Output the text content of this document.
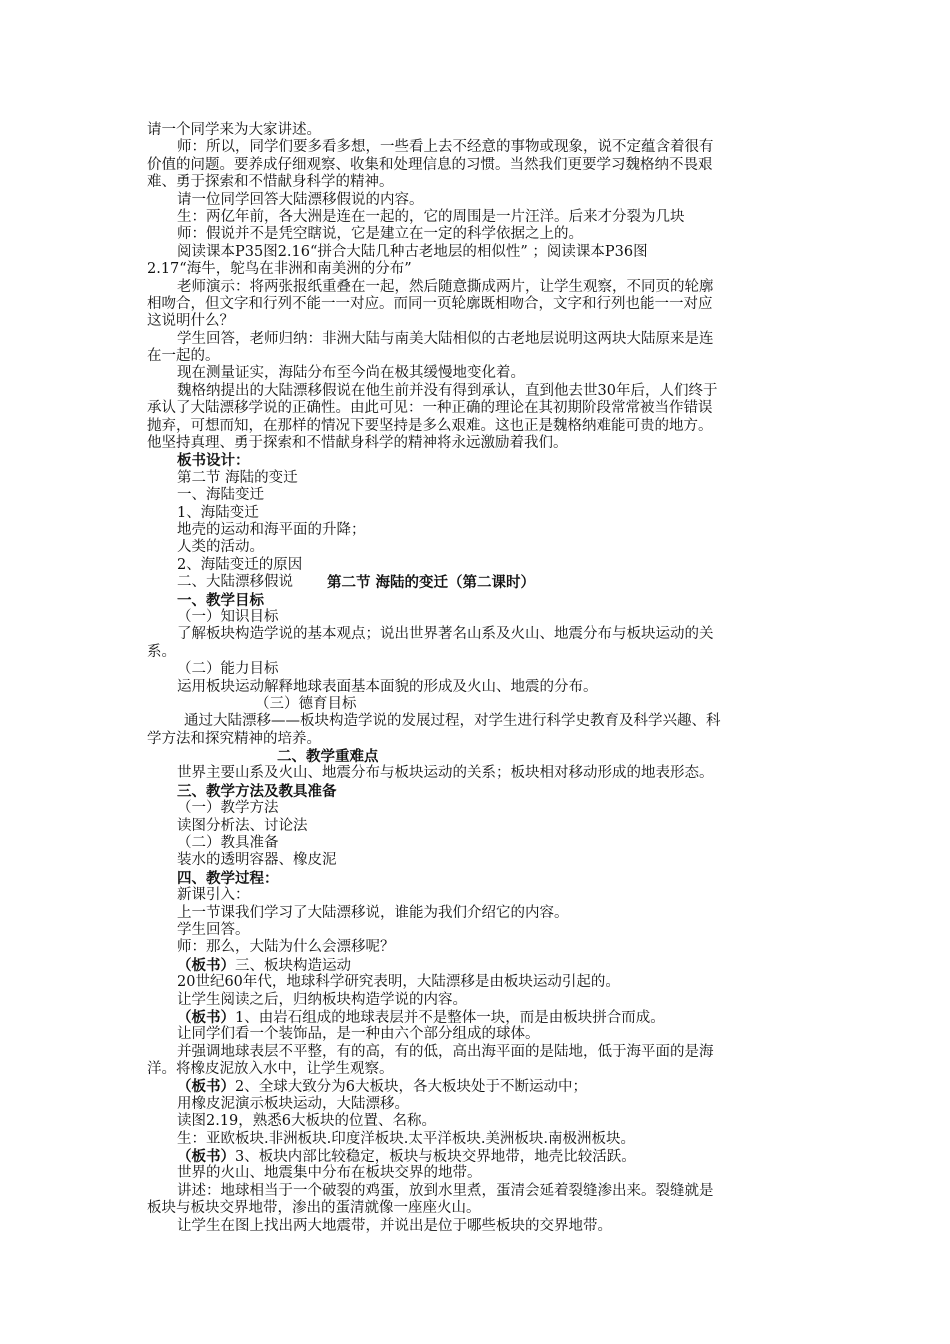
请一个同学来为大家讲述。
师：所以，同学们要多看多想，一些看上去不经意的事物或现象，说不定蕴含着很有
价值的问题。要养成仔细观察、收集和处理信息的习惯。当然我们更要学习魏格纳不畏艰
难、勇于探索和不惜献身科学的精神。
请一位同学回答大陆漂移假说的内容。
生：两亿年前，各大洲是连在一起的，它的周围是一片汪洋。后来才分裂为几块
师：假说并不是凭空瞎说，它是建立在一定的科学依据之上的。
阅读课本P35图2.16“拼合大陆几种古老地层的相似性” ；阅读课本P36图
2.17“海牛，鸵鸟在非洲和南美洲的分布”
老师演示：将两张报纸重叠在一起，然后随意撕成两片，让学生观察，不同页的轮廓
相吻合，但文字和行列不能一一对应。而同一页轮廓既相吻合，文字和行列也能一一对应
这说明什么？
学生回答，老师归纳：非洲大陆与南美大陆相似的古老地层说明这两块大陆原来是连
在一起的。
现在测量证实，海陆分布至今尚在极其缓慢地变化着。
魏格纳提出的大陆漂移假说在他生前并没有得到承认，直到他去世30年后，人们终于
承认了大陆漂移学说的正确性。由此可见：一种正确的理论在其初期阶段常常被当作错误
抛弃，可想而知，在那样的情况下要坚持是多么艰难。这也正是魏格纳难能可贵的地方。
他坚持真理、勇于探索和不惜献身科学的精神将永远激励着我们。
板书设计：
第二节 海陆的变迁
一、海陆变迁
1、海陆变迁
地壳的运动和海平面的升降；
人类的活动。
2、海陆变迁的原因
二、大陆漂移假说 第二节 海陆的变迁（第二课时）
一、教学目标
（一）知识目标
了解板块构造学说的基本观点；说出世界著名山系及火山、地震分布与板块运动的关
系。
（二）能力目标
运用板块运动解释地球表面基本面貌的形成及火山、地震的分布。
（三）德育目标
通过大陆漂移——板块构造学说的发展过程，对学生进行科学史教育及科学兴趣、科
学方法和探究精神的培养。
二、教学重难点
世界主要山系及火山、地震分布与板块运动的关系；板块相对移动形成的地表形态。
三、教学方法及教具准备
（一）教学方法
读图分析法、讨论法
（二）教具准备
装水的透明容器、橡皮泥
四、教学过程：
新课引入：
上一节课我们学习了大陆漂移说，谁能为我们介绍它的内容。
学生回答。
师：那么，大陆为什么会漂移呢？
（板书）三、板块构造运动
20世纪60年代，地球科学研究表明，大陆漂移是由板块运动引起的。
让学生阅读之后，归纳板块构造学说的内容。
（板书）1、由岩石组成的地球表层并不是整体一块，而是由板块拼合而成。
让同学们看一个装饰品，是一种由六个部分组成的球体。
并强调地球表层不平整，有的高，有的低，高出海平面的是陆地，低于海平面的是海
洋。将橡皮泥放入水中，让学生观察。
（板书）2、全球大致分为6大板块，各大板块处于不断运动中；
用橡皮泥演示板块运动，大陆漂移。
读图2.19，熟悉6大板块的位置、名称。
生：亚欧板块.非洲板块.印度洋板块.太平洋板块.美洲板块.南极洲板块。
（板书）3、板块内部比较稳定，板块与板块交界地带，地壳比较活跃。
世界的火山、地震集中分布在板块交界的地带。
讲述：地球相当于一个破裂的鸡蛋，放到水里煮，蛋清会延着裂缝渗出来。裂缝就是
板块与板块交界地带，渗出的蛋清就像一座座火山。
让学生在图上找出两大地震带，并说出是位于哪些板块的交界地带。
